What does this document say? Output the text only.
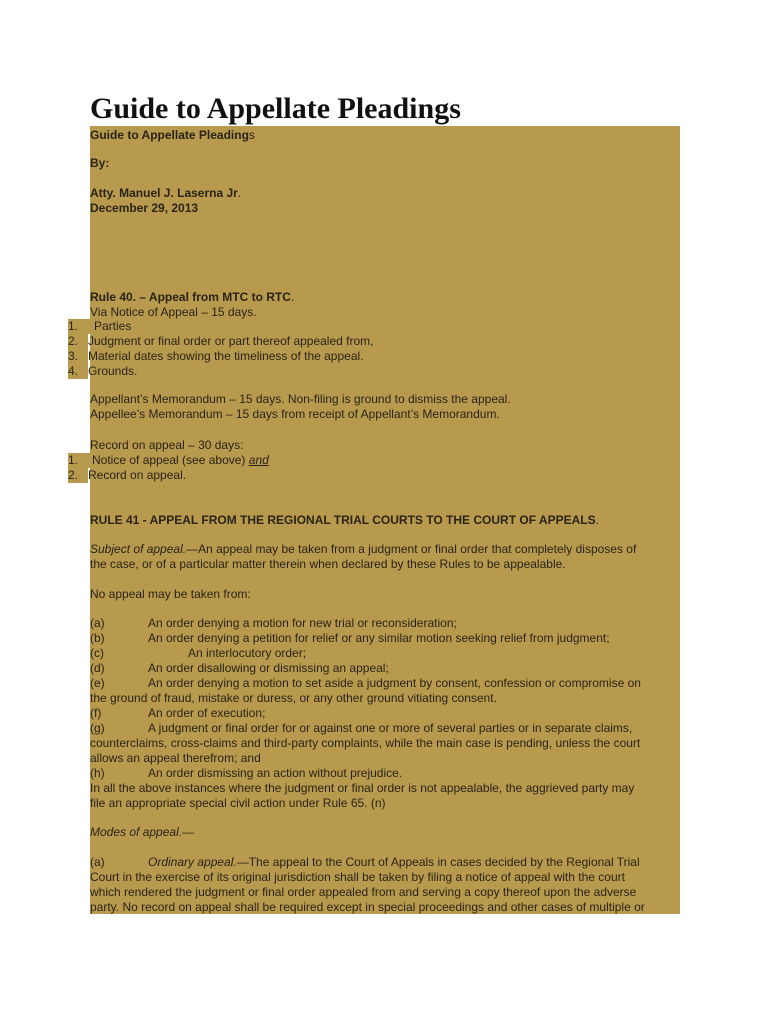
Guide to Appellate Pleadings
Guide to Appellate Pleadings
By:
Atty. Manuel J. Laserna Jr.
December 29, 2013
Rule 40. – Appeal from MTC to RTC.
Via Notice of Appeal – 15 days.
1.	Parties
2. Judgment or final order or part thereof appealed from,
3. Material dates showing the timeliness of the appeal.
4. Grounds.
Appellant’s Memorandum – 15 days. Non-filing is ground to dismiss the appeal.
Appellee’s Memorandum – 15 days from receipt of Appellant’s Memorandum.
Record on appeal – 30 days:
1.	Notice of appeal (see above) and
2. Record on appeal.
RULE 41 - APPEAL FROM THE REGIONAL TRIAL COURTS TO THE COURT OF APPEALS.
Subject of appeal.—An appeal may be taken from a judgment or final order that completely disposes of
the case, or of a particular matter therein when declared by these Rules to be appealable.
No appeal may be taken from:
(a)	An order denying a motion for new trial or reconsideration;
(b)	An order denying a petition for relief or any similar motion seeking relief from judgment;
(c)	An interlocutory order;
(d)	An order disallowing or dismissing an appeal;
(e)	An order denying a motion to set aside a judgment by consent, confession or compromise on
the ground of fraud, mistake or duress, or any other ground vitiating consent.
(f)	An order of execution;
(g)	A judgment or final order for or against one or more of several parties or in separate claims,
counterclaims, cross-claims and third-party complaints, while the main case is pending, unless the court
allows an appeal therefrom; and
(h)	An order dismissing an action without prejudice.
In all the above instances where the judgment or final order is not appealable, the aggrieved party may
file an appropriate special civil action under Rule 65. (n)
Modes of appeal.—
(a)	Ordinary appeal.—The appeal to the Court of Appeals in cases decided by the Regional Trial
Court in the exercise of its original jurisdiction shall be taken by filing a notice of appeal with the court
which rendered the judgment or final order appealed from and serving a copy thereof upon the adverse
party. No record on appeal shall be required except in special proceedings and other cases of multiple or
